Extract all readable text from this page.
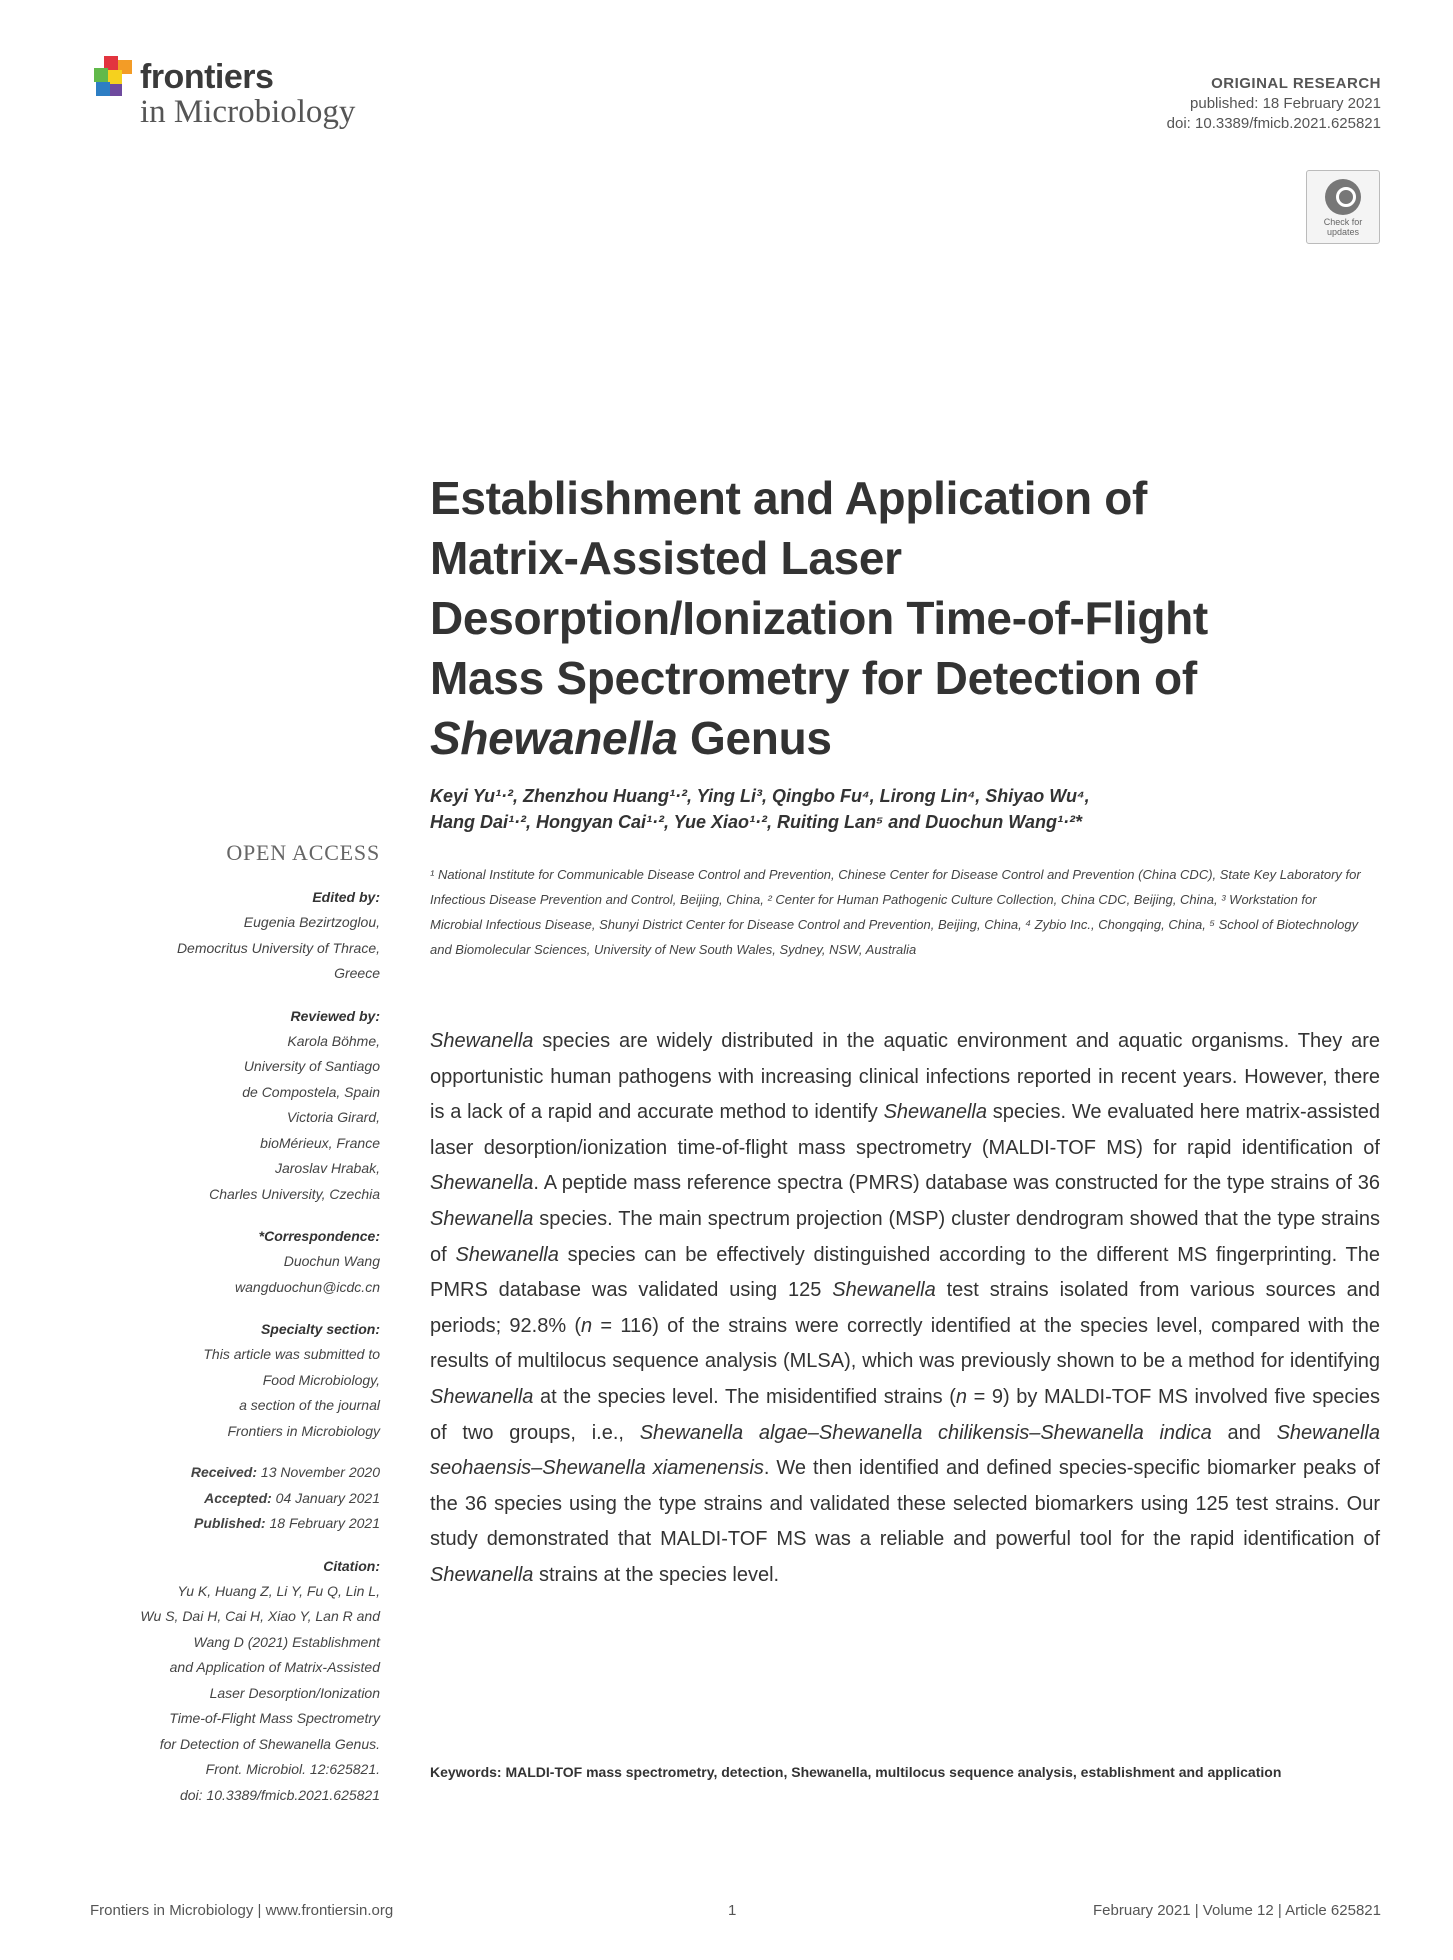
frontiers
in Microbiology
ORIGINAL RESEARCH
published: 18 February 2021
doi: 10.3389/fmicb.2021.625821
Check for
updates
Establishment and Application of
Matrix-Assisted Laser
Desorption/Ionization Time-of-Flight
Mass Spectrometry for Detection of
Shewanella Genus
Keyi Yu¹·², Zhenzhou Huang¹·², Ying Li³, Qingbo Fu⁴, Lirong Lin⁴, Shiyao Wu⁴,
Hang Dai¹·², Hongyan Cai¹·², Yue Xiao¹·², Ruiting Lan⁵ and Duochun Wang¹·²*
¹ National Institute for Communicable Disease Control and Prevention, Chinese Center for Disease Control and Prevention (China CDC), State Key Laboratory for Infectious Disease Prevention and Control, Beijing, China, ² Center for Human Pathogenic Culture Collection, China CDC, Beijing, China, ³ Workstation for Microbial Infectious Disease, Shunyi District Center for Disease Control and Prevention, Beijing, China, ⁴ Zybio Inc., Chongqing, China, ⁵ School of Biotechnology and Biomolecular Sciences, University of New South Wales, Sydney, NSW, Australia
Shewanella species are widely distributed in the aquatic environment and aquatic organisms. They are opportunistic human pathogens with increasing clinical infections reported in recent years. However, there is a lack of a rapid and accurate method to identify Shewanella species. We evaluated here matrix-assisted laser desorption/ionization time-of-flight mass spectrometry (MALDI-TOF MS) for rapid identification of Shewanella. A peptide mass reference spectra (PMRS) database was constructed for the type strains of 36 Shewanella species. The main spectrum projection (MSP) cluster dendrogram showed that the type strains of Shewanella species can be effectively distinguished according to the different MS fingerprinting. The PMRS database was validated using 125 Shewanella test strains isolated from various sources and periods; 92.8% (n = 116) of the strains were correctly identified at the species level, compared with the results of multilocus sequence analysis (MLSA), which was previously shown to be a method for identifying Shewanella at the species level. The misidentified strains (n = 9) by MALDI-TOF MS involved five species of two groups, i.e., Shewanella algae–Shewanella chilikensis–Shewanella indica and Shewanella seohaensis–Shewanella xiamenensis. We then identified and defined species-specific biomarker peaks of the 36 species using the type strains and validated these selected biomarkers using 125 test strains. Our study demonstrated that MALDI-TOF MS was a reliable and powerful tool for the rapid identification of Shewanella strains at the species level.
Keywords: MALDI-TOF mass spectrometry, detection, Shewanella, multilocus sequence analysis, establishment and application
OPEN ACCESS
Edited by:
Eugenia Bezirtzoglou,
Democritus University of Thrace,
Greece
Reviewed by:
Karola Böhme,
University of Santiago
de Compostela, Spain
Victoria Girard,
bioMérieux, France
Jaroslav Hrabak,
Charles University, Czechia
*Correspondence:
Duochun Wang
wangduochun@icdc.cn
Specialty section:
This article was submitted to
Food Microbiology,
a section of the journal
Frontiers in Microbiology
Received: 13 November 2020
Accepted: 04 January 2021
Published: 18 February 2021
Citation:
Yu K, Huang Z, Li Y, Fu Q, Lin L,
Wu S, Dai H, Cai H, Xiao Y, Lan R and
Wang D (2021) Establishment
and Application of Matrix-Assisted
Laser Desorption/Ionization
Time-of-Flight Mass Spectrometry
for Detection of Shewanella Genus.
Front. Microbiol. 12:625821.
doi: 10.3389/fmicb.2021.625821
Frontiers in Microbiology | www.frontiersin.org	1	February 2021 | Volume 12 | Article 625821
